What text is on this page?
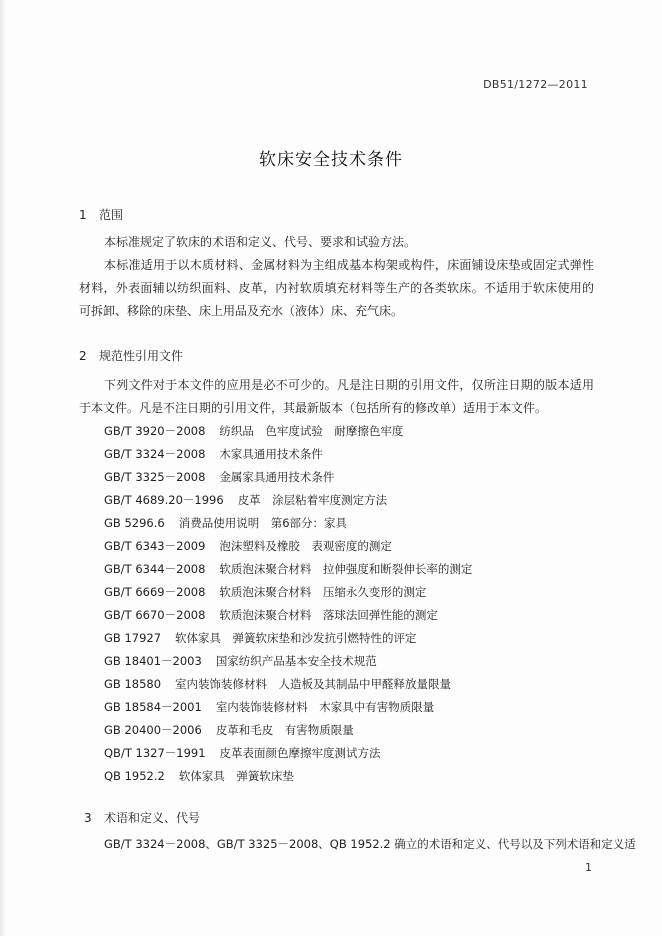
DB51/1272—2011
软床安全技术条件
1 范围
本标准规定了软床的术语和定义、代号、要求和试验方法。
本标准适用于以木质材料、金属材料为主组成基本构架或构件，床面铺设床垫或固定式弹性材料，外表面辅以纺织面料、皮革，内衬软质填充材料等生产的各类软床。不适用于软床使用的可拆卸、移除的床垫、床上用品及充水（液体）床、充气床。
2 规范性引用文件
下列文件对于本文件的应用是必不可少的。凡是注日期的引用文件，仅所注日期的版本适用于本文件。凡是不注日期的引用文件，其最新版本（包括所有的修改单）适用于本文件。
GB/T 3920－2008 纺织品　色牢度试验　耐摩擦色牢度
GB/T 3324－2008 木家具通用技术条件
GB/T 3325－2008 金属家具通用技术条件
GB/T 4689.20－1996 皮革　涂层粘着牢度测定方法
GB 5296.6 消费品使用说明　第6部分：家具
GB/T 6343－2009 泡沫塑料及橡胶　表观密度的测定
GB/T 6344－2008 软质泡沫聚合材料　拉伸强度和断裂伸长率的测定
GB/T 6669－2008 软质泡沫聚合材料　压缩永久变形的测定
GB/T 6670－2008 软质泡沫聚合材料　落球法回弹性能的测定
GB 17927 软体家具　弹簧软床垫和沙发抗引燃特性的评定
GB 18401－2003 国家纺织产品基本安全技术规范
GB 18580 室内装饰装修材料　人造板及其制品中甲醛释放量限量
GB 18584－2001 室内装饰装修材料　木家具中有害物质限量
GB 20400－2006 皮革和毛皮　有害物质限量
QB/T 1327－1991 皮革表面颜色摩擦牢度测试方法
QB 1952.2 软体家具　弹簧软床垫
3 术语和定义、代号
GB/T 3324－2008、GB/T 3325－2008、QB 1952.2 确立的术语和定义、代号以及下列术语和定义适
1
